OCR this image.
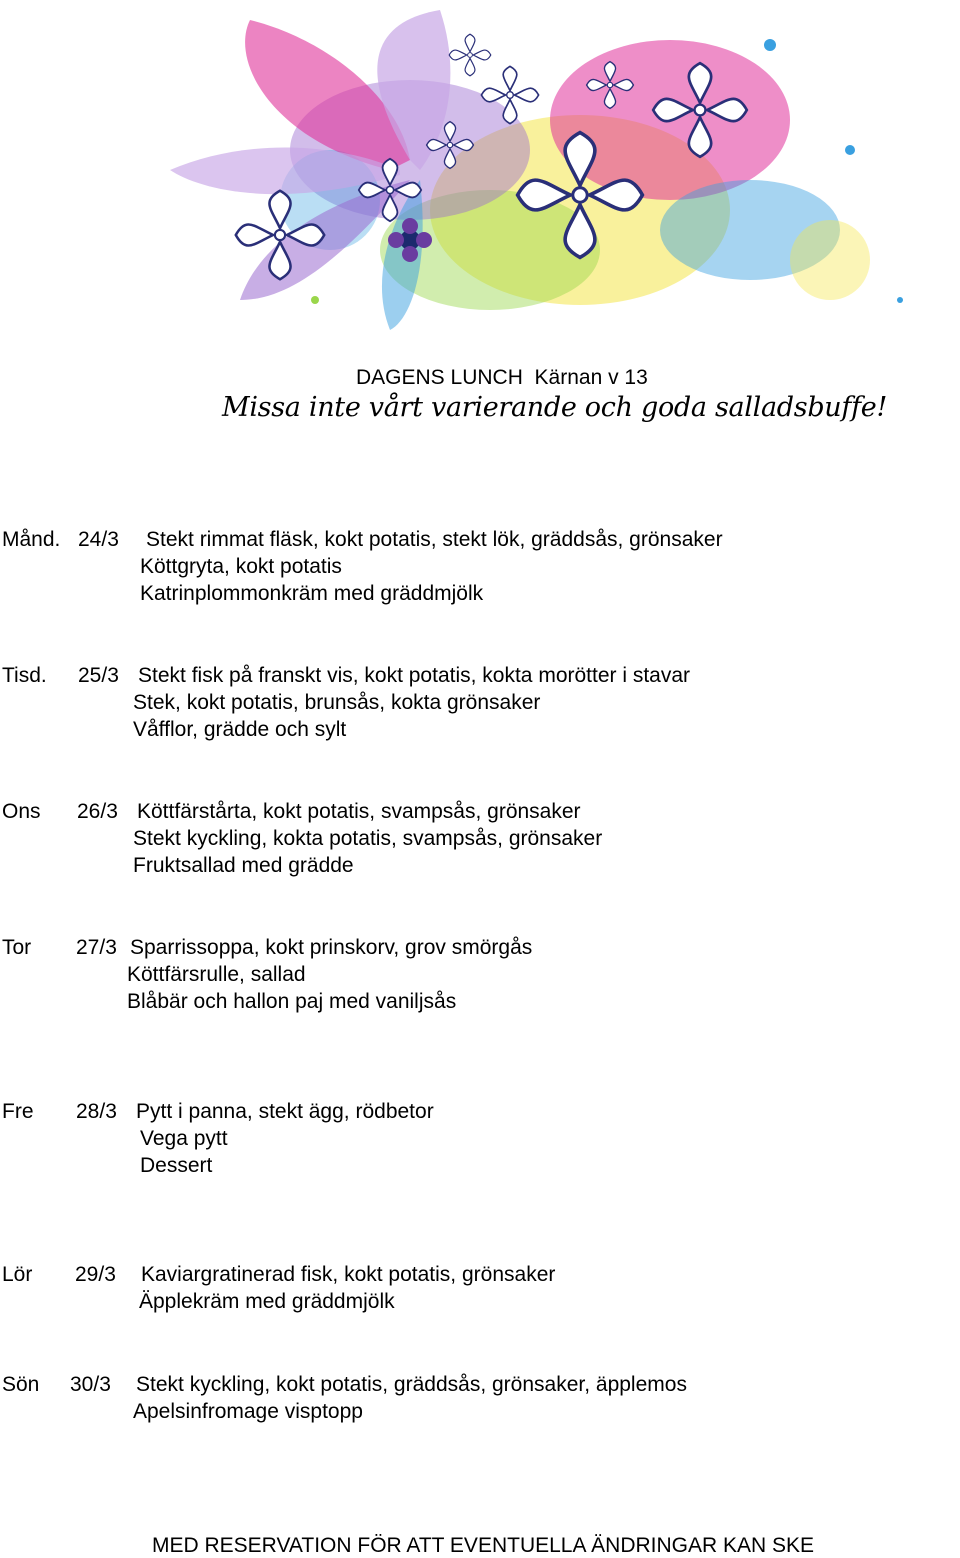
DAGENS LUNCH  Kärnan v 13
Missa inte vårt varierande och goda salladsbuffe!
Månd. 24/3 Stekt rimmat fläsk, kokt potatis, stekt lök, gräddsås, grönsaker
Köttgryta, kokt potatis
Katrinplommonkräm med gräddmjölk
Tisd. 25/3 Stekt fisk på franskt vis, kokt potatis, kokta morötter i stavar
Stek, kokt potatis, brunsås, kokta grönsaker
Våfflor, grädde och sylt
Ons 26/3 Köttfärstårta, kokt potatis, svampsås, grönsaker
Stekt kyckling, kokta potatis, svampsås, grönsaker
Fruktsallad med grädde
Tor 27/3 Sparrissoppa, kokt prinskorv, grov smörgås
Köttfärsrulle, sallad
Blåbär och hallon paj med vaniljsås
Fre 28/3 Pytt i panna, stekt ägg, rödbetor
Vega pytt
Dessert
Lör 29/3 Kaviargratinerad fisk, kokt potatis, grönsaker
Äpplekräm med gräddmjölk
Sön 30/3 Stekt kyckling, kokt potatis, gräddsås, grönsaker, äpplemos
Apelsinfromage visptopp
MED RESERVATION FÖR ATT EVENTUELLA ÄNDRINGAR KAN SKE
